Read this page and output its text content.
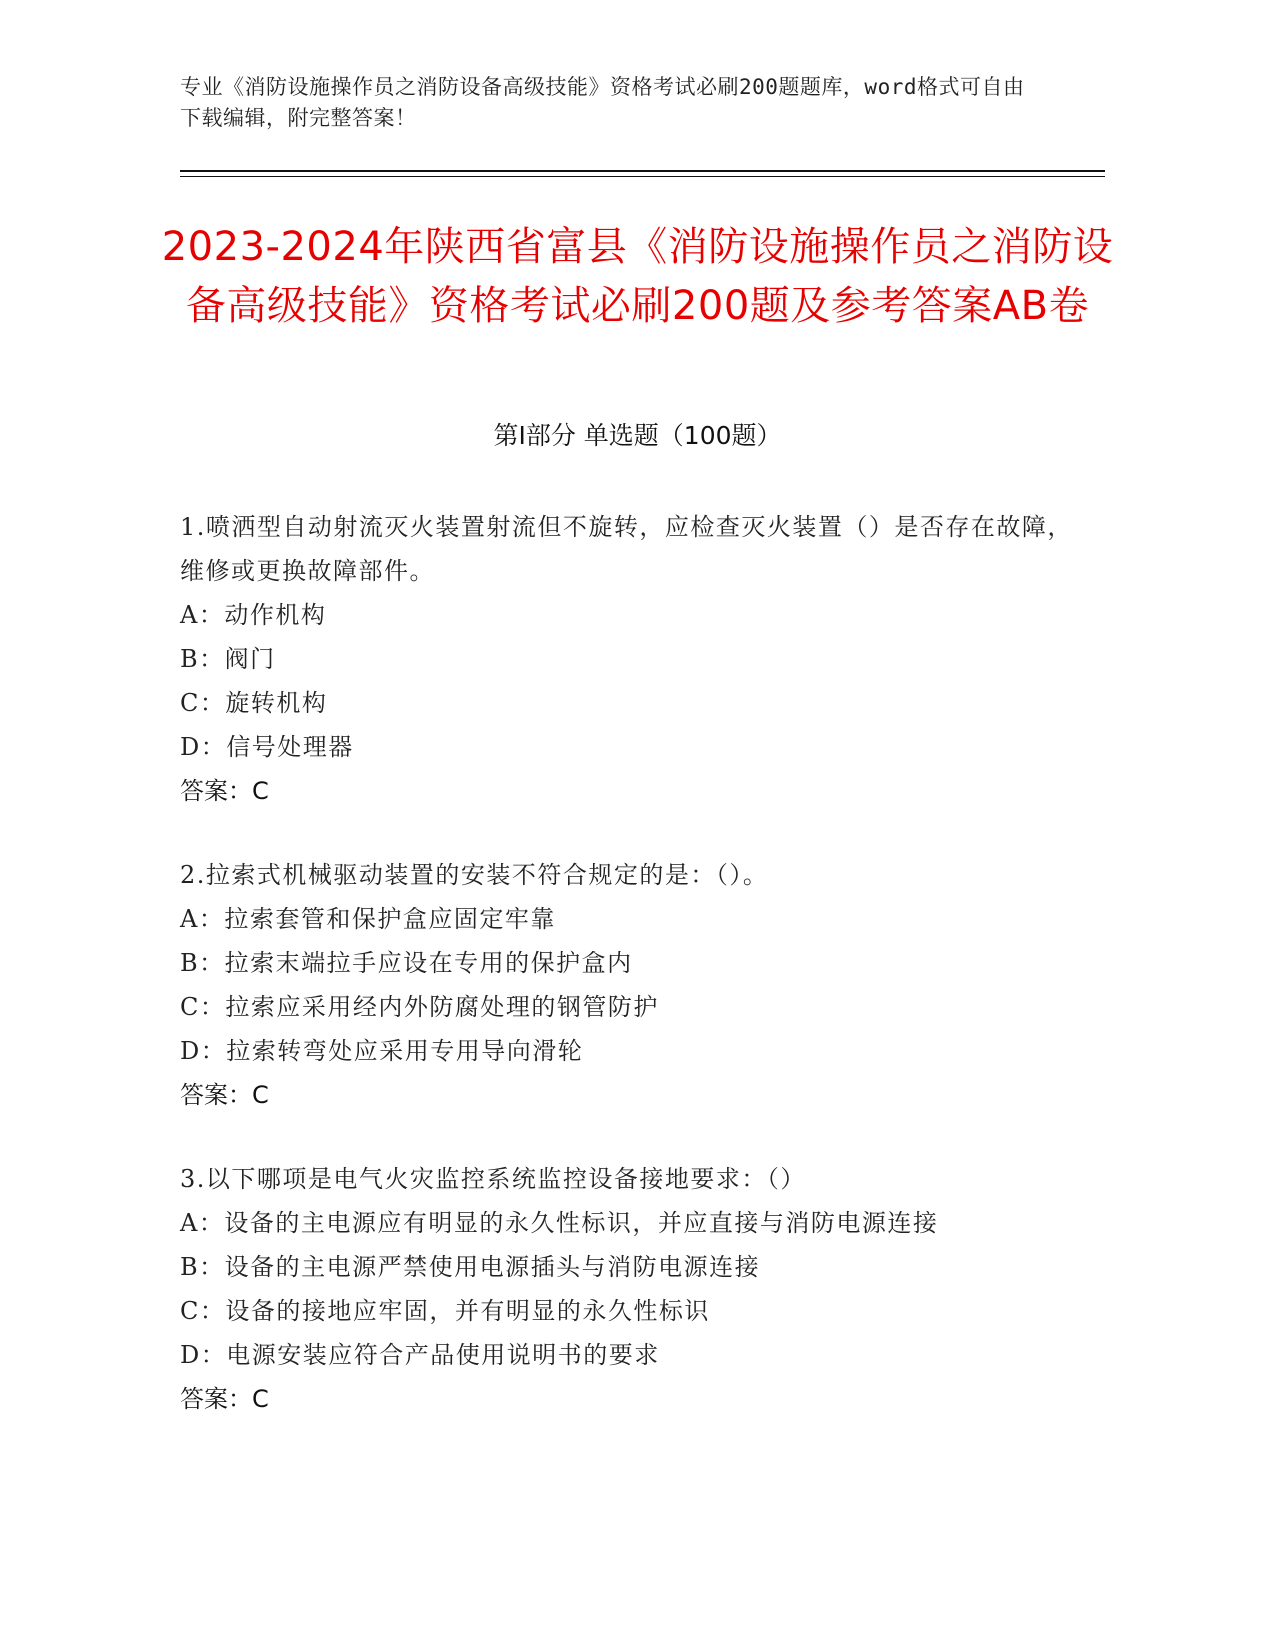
专业《消防设施操作员之消防设备高级技能》资格考试必刷200题题库，word格式可自由下载编辑，附完整答案！
2023-2024年陕西省富县《消防设施操作员之消防设备高级技能》资格考试必刷200题及参考答案AB卷
第Ⅰ部分 单选题（100题）
1.喷洒型自动射流灭火装置射流但不旋转，应检查灭火装置（）是否存在故障，维修或更换故障部件。
A：动作机构
B：阀门
C：旋转机构
D：信号处理器
答案：C
2.拉索式机械驱动装置的安装不符合规定的是：（）。
A：拉索套管和保护盒应固定牢靠
B：拉索末端拉手应设在专用的保护盒内
C：拉索应采用经内外防腐处理的钢管防护
D：拉索转弯处应采用专用导向滑轮
答案：C
3.以下哪项是电气火灾监控系统监控设备接地要求：（）
A：设备的主电源应有明显的永久性标识，并应直接与消防电源连接
B：设备的主电源严禁使用电源插头与消防电源连接
C：设备的接地应牢固，并有明显的永久性标识
D：电源安装应符合产品使用说明书的要求
答案：C
